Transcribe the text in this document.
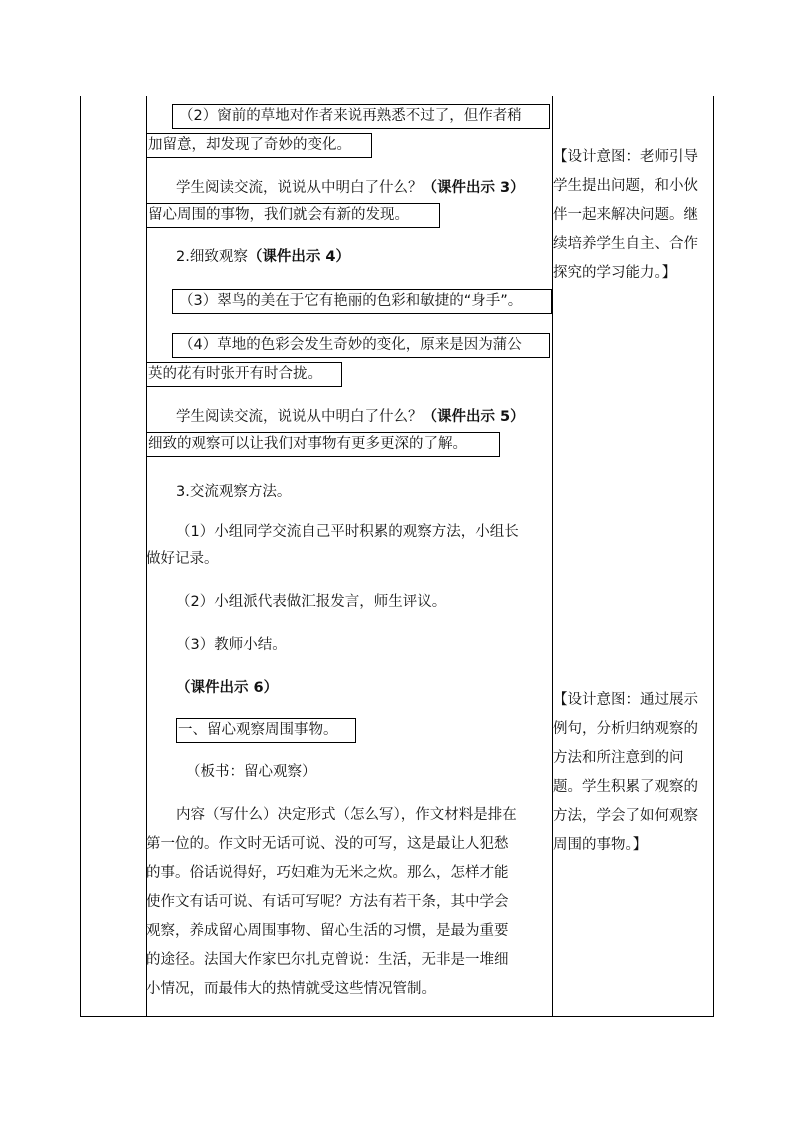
（2）窗前的草地对作者来说再熟悉不过了，但作者稍
加留意，却发现了奇妙的变化。
学生阅读交流，说说从中明白了什么？（课件出示 3）
留心周围的事物，我们就会有新的发现。
2.细致观察（课件出示 4）
（3）翠鸟的美在于它有艳丽的色彩和敏捷的“身手”。
（4）草地的色彩会发生奇妙的变化，原来是因为蒲公
英的花有时张开有时合拢。
学生阅读交流，说说从中明白了什么？（课件出示 5）
细致的观察可以让我们对事物有更多更深的了解。
3.交流观察方法。
（1）小组同学交流自己平时积累的观察方法，小组长
做好记录。
（2）小组派代表做汇报发言，师生评议。
（3）教师小结。
（课件出示 6）
一、留心观察周围事物。
（板书：留心观察）
内容（写什么）决定形式（怎么写），作文材料是排在
第一位的。作文时无话可说、没的可写，这是最让人犯愁
的事。俗话说得好，巧妇难为无米之炊。那么，怎样才能
使作文有话可说、有话可写呢？方法有若干条，其中学会
观察，养成留心周围事物、留心生活的习惯，是最为重要
的途径。法国大作家巴尔扎克曾说：生活，无非是一堆细
小情况，而最伟大的热情就受这些情况管制。
【设计意图：老师引导
学生提出问题，和小伙
伴一起来解决问题。继
续培养学生自主、合作
探究的学习能力。】
【设计意图：通过展示
例句，分析归纳观察的
方法和所注意到的问
题。学生积累了观察的
方法，学会了如何观察
周围的事物。】
